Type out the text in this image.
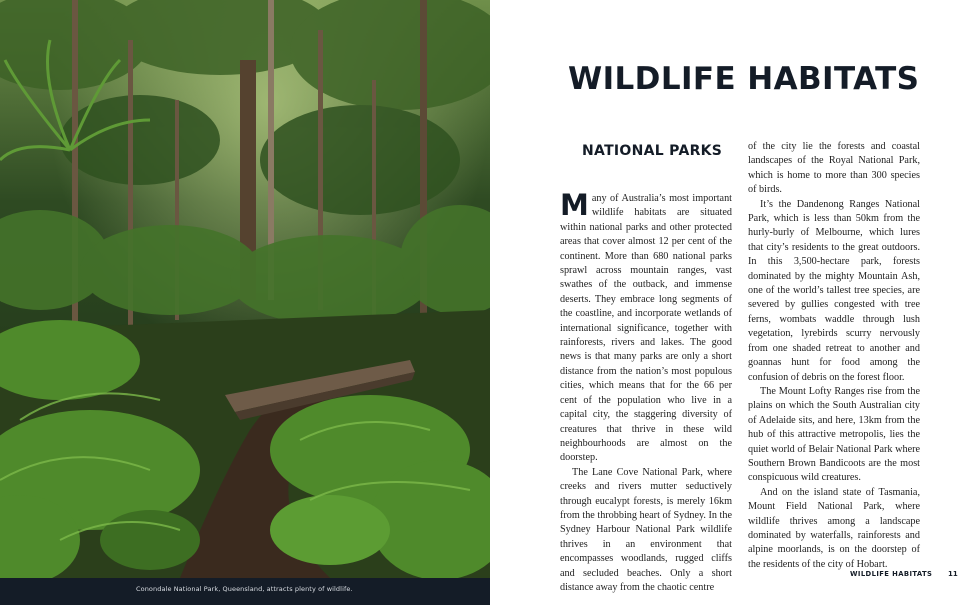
Conondale National Park, Queensland, attracts plenty of wildlife.
WILDLIFE HABITATS
NATIONAL PARKS

Many of Australia’s most important wildlife habitats are situated within national parks and other protected areas that cover almost 12 per cent of the continent. More than 680 national parks sprawl across mountain ranges, vast swathes of the outback, and immense deserts. They embrace long segments of the coastline, and incorporate wetlands of international significance, together with rainforests, rivers and lakes. The good news is that many parks are only a short distance from the nation’s most populous cities, which means that for the 66 per cent of the population who live in a capital city, the staggering diversity of creatures that thrive in these wild neighbourhoods are almost on the doorstep.

The Lane Cove National Park, where creeks and rivers mutter seductively through eucalypt forests, is merely 16km from the throbbing heart of Sydney. In the Sydney Harbour National Park wildlife thrives in an environment that encompasses woodlands, rugged cliffs and secluded beaches. Only a short distance away from the chaotic centre

of the city lie the forests and coastal landscapes of the Royal National Park, which is home to more than 300 species of birds.

It’s the Dandenong Ranges National Park, which is less than 50km from the hurly-burly of Melbourne, which lures that city’s residents to the great outdoors. In this 3,500-hectare park, forests dominated by the mighty Mountain Ash, one of the world’s tallest tree species, are severed by gullies congested with tree ferns, wombats waddle through lush vegetation, lyrebirds scurry nervously from one shaded retreat to another and goannas hunt for food among the confusion of debris on the forest floor.

The Mount Lofty Ranges rise from the plains on which the South Australian city of Adelaide sits, and here, 13km from the hub of this attractive metropolis, lies the quiet world of Belair National Park where Southern Brown Bandicoots are the most conspicuous wild creatures.

And on the island state of Tasmania, Mount Field National Park, where wildlife thrives among a landscape dominated by waterfalls, rainforests and alpine moorlands, is on the doorstep of the residents of the city of Hobart.

WILDLIFE HABITATS 11
